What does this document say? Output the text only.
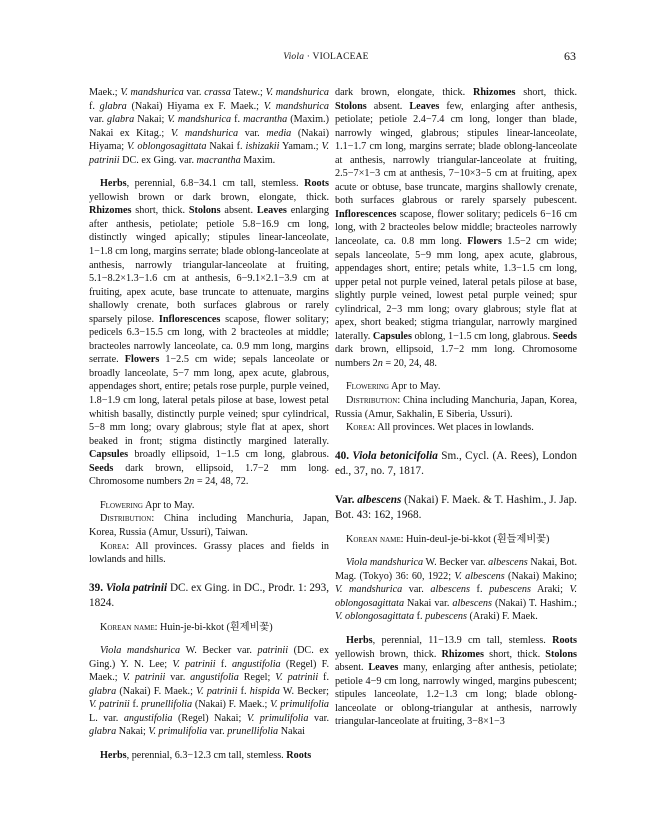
Viola · VIOLACEAE	63

Maek.; V. mandshurica var. crassa Tatew.; V. mandshurica f. glabra (Nakai) Hiyama ex F. Maek.; V. mandshurica var. glabra Nakai; V. mandshurica f. macrantha (Maxim.) Nakai ex Kitag.; V. mandshurica var. media (Nakai) Hiyama; V. oblongosagittata Nakai f. ishizakii Yamam.; V. patrinii DC. ex Ging. var. macrantha Maxim.

Herbs, perennial, 6.8−34.1 cm tall, stemless. Roots yellowish brown or dark brown, elongate, thick. Rhizomes short, thick. Stolons absent. Leaves enlarging after anthesis, petiolate; petiole 5.8−16.9 cm long, distinctly winged apically; stipules linear-lanceolate, 1−1.8 cm long, margins serrate; blade oblong-lanceolate at anthesis, narrowly triangular-lanceolate at fruiting, 5.1−8.2×1.3−1.6 cm at anthesis, 6−9.1×2.1−3.9 cm at fruiting, apex acute, base truncate to attenuate, margins shallowly crenate, both surfaces glabrous or rarely sparsely pilose. Inflorescences scapose, flower solitary; pedicels 6.3−15.5 cm long, with 2 bracteoles at middle; bracteoles narrowly lanceolate, ca. 0.9 mm long, margins serrate. Flowers 1−2.5 cm wide; sepals lanceolate or broadly lanceolate, 5−7 mm long, apex acute, glabrous, appendages short, entire; petals rose purple, purple veined, 1.8−1.9 cm long, lateral petals pilose at base, lowest petal whitish basally, distinctly purple veined; spur cylindrical, 5−8 mm long; ovary glabrous; style flat at apex, short beaked in front; stigma distinctly margined laterally. Capsules broadly ellipsoid, 1−1.5 cm long, glabrous. Seeds dark brown, ellipsoid, 1.7−2 mm long. Chromosome numbers 2n = 24, 48, 72.

Flowering Apr to May.

Distribution: China including Manchuria, Japan, Korea, Russia (Amur, Ussuri), Taiwan.

Korea: All provinces. Grassy places and fields in lowlands and hills.

39. Viola patrinii DC. ex Ging. in DC., Prodr. 1: 293, 1824.

Korean name: Huin-je-bi-kkot (흰제비꽃)

Viola mandshurica W. Becker var. patrinii (DC. ex Ging.) Y. N. Lee; V. patrinii f. angustifolia (Regel) F. Maek.; V. patrinii var. angustifolia Regel; V. patrinii f. glabra (Nakai) F. Maek.; V. patrinii f. hispida W. Becker; V. patrinii f. prunellifolia (Nakai) F. Maek.; V. primulifolia L. var. angustifolia (Regel) Nakai; V. primulifolia var. glabra Nakai; V. primulifolia var. prunellifolia Nakai

Herbs, perennial, 6.3−12.3 cm tall, stemless. Roots

dark brown, elongate, thick. Rhizomes short, thick. Stolons absent. Leaves few, enlarging after anthesis, petiolate; petiole 2.4−7.4 cm long, longer than blade, narrowly winged, glabrous; stipules linear-lanceolate, 1.1−1.7 cm long, margins serrate; blade oblong-lanceolate at anthesis, narrowly triangular-lanceolate at fruiting, 2.5−7×1−3 cm at anthesis, 7−10×3−5 cm at fruiting, apex acute or obtuse, base truncate, margins shallowly crenate, both surfaces glabrous or rarely sparsely pubescent. Inflorescences scapose, flower solitary; pedicels 6−16 cm long, with 2 bracteoles below middle; bracteoles narrowly lanceolate, ca. 0.8 mm long. Flowers 1.5−2 cm wide; sepals lanceolate, 5−9 mm long, apex acute, glabrous, appendages short, entire; petals white, 1.3−1.5 cm long, upper petal not purple veined, lateral petals pilose at base, slightly purple veined, lowest petal purple veined; spur cylindrical, 2−3 mm long; ovary glabrous; style flat at apex, short beaked; stigma triangular, narrowly margined laterally. Capsules oblong, 1−1.5 cm long, glabrous. Seeds dark brown, ellipsoid, 1.7−2 mm long. Chromosome numbers 2n = 20, 24, 48.

Flowering Apr to May.

Distribution: China including Manchuria, Japan, Korea, Russia (Amur, Sakhalin, E Siberia, Ussuri).

Korea: All provinces. Wet places in lowlands.

40. Viola betonicifolia Sm., Cycl. (A. Rees), London ed., 37, no. 7, 1817.

Var. albescens (Nakai) F. Maek. & T. Hashim., J. Jap. Bot. 43: 162, 1968.

Korean name: Huin-deul-je-bi-kkot (흰들제비꽃)

Viola mandshurica W. Becker var. albescens Nakai, Bot. Mag. (Tokyo) 36: 60, 1922; V. albescens (Nakai) Makino; V. mandshurica var. albescens f. pubescens Araki; V. oblongosagittata Nakai var. albescens (Nakai) T. Hashim.; V. oblongosagittata f. pubescens (Araki) F. Maek.

Herbs, perennial, 11−13.9 cm tall, stemless. Roots yellowish brown, thick. Rhizomes short, thick. Stolons absent. Leaves many, enlarging after anthesis, petiolate; petiole 4−9 cm long, narrowly winged, margins pubescent; stipules lanceolate, 1.2−1.3 cm long; blade oblong-lanceolate or oblong-triangular at anthesis, narrowly triangular-lanceolate at fruiting, 3−8×1−3
